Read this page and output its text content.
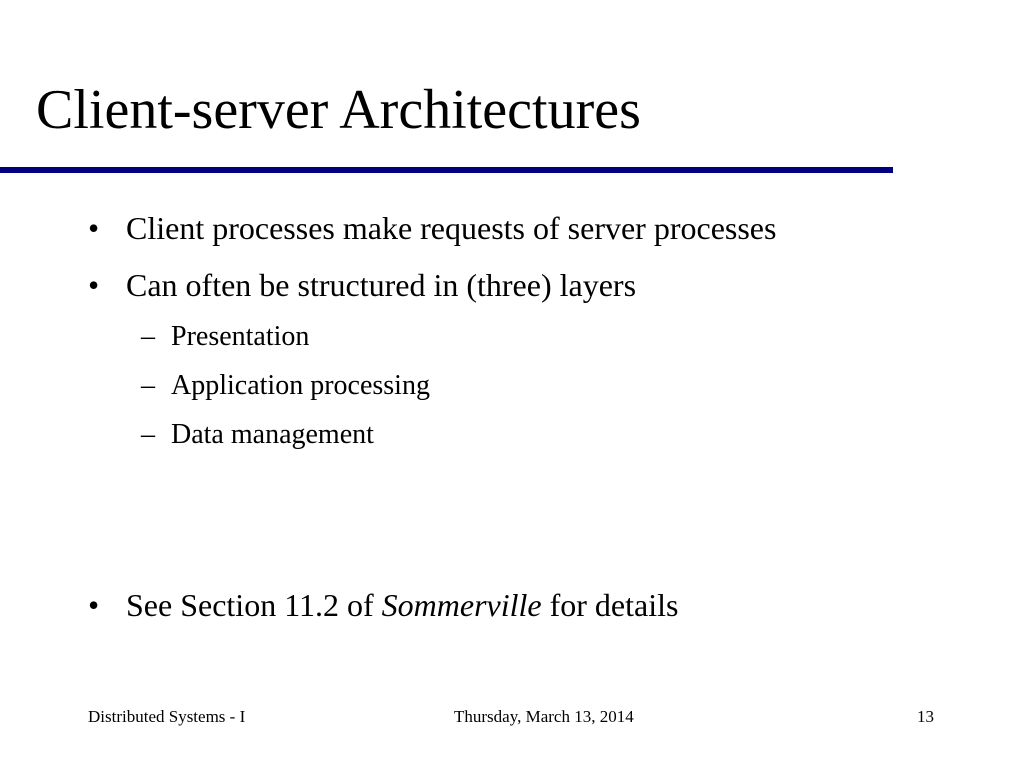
Client-server Architectures
• Client processes make requests of server processes
• Can often be structured in (three) layers
– Presentation
– Application processing
– Data management
• See Section 11.2 of Sommerville for details
Distributed Systems - I	Thursday, March 13, 2014	13
